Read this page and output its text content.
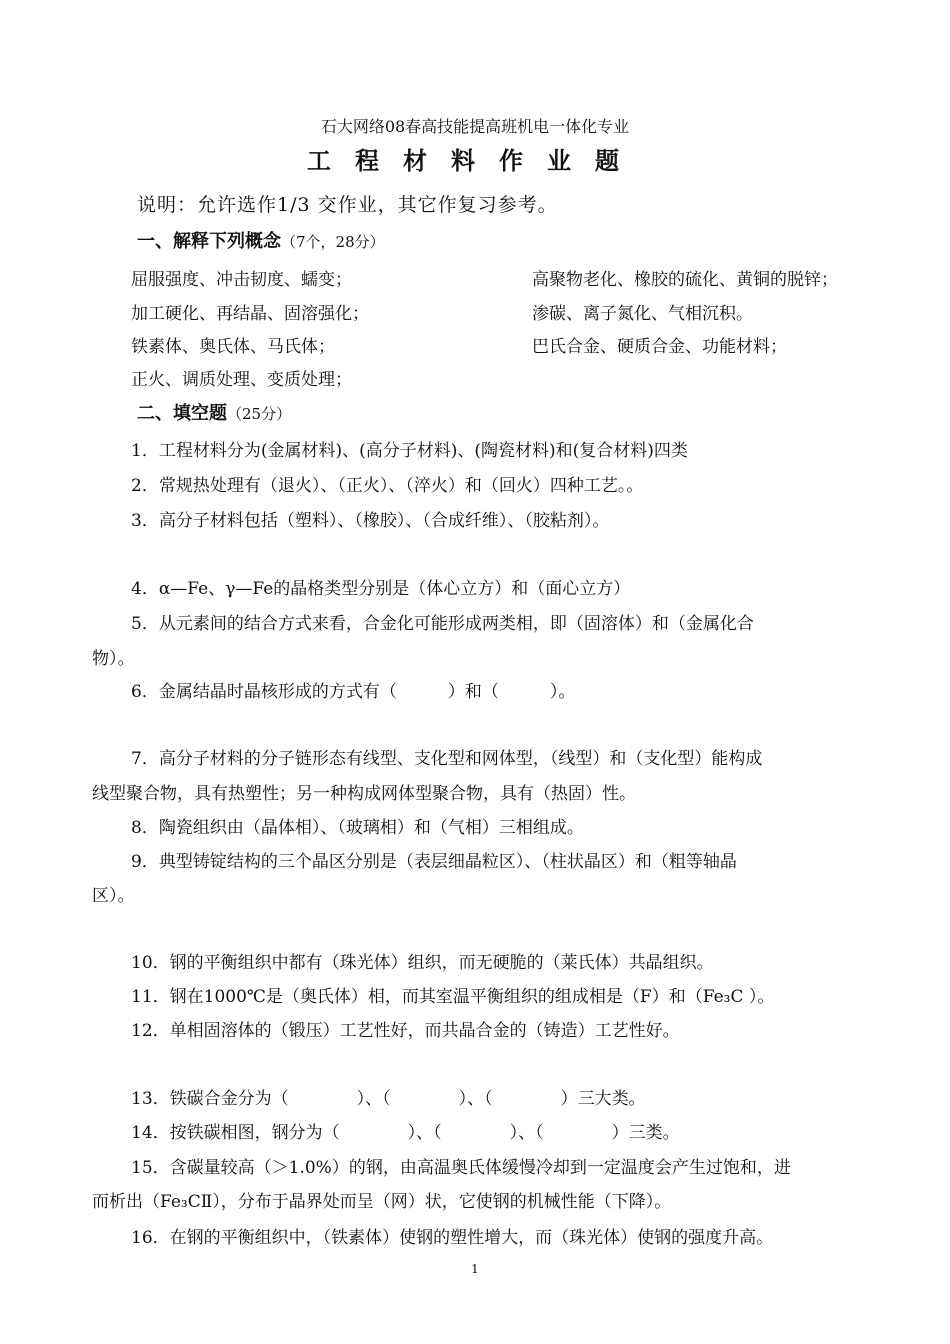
石大网络08春高技能提高班机电一体化专业
工程材料作业题
说明：允许选作1/3 交作业，其它作复习参考。
一、解释下列概念（7个，28分）
屈服强度、冲击韧度、蠕变；
加工硬化、再结晶、固溶强化；
铁素体、奥氏体、马氏体；
正火、调质处理、变质处理；
高聚物老化、橡胶的硫化、黄铜的脱锌；
渗碳、离子氮化、气相沉积。
巴氏合金、硬质合金、功能材料；
二、填空题（25分）
1．工程材料分为(金属材料)、(高分子材料)、(陶瓷材料)和(复合材料)四类
2．常规热处理有（退火）、（正火）、（淬火）和（回火）四种工艺。。
3．高分子材料包括（塑料）、（橡胶）、（合成纤维）、（胶粘剂）。
4．α—Fe、γ—Fe的晶格类型分别是（体心立方）和（面心立方）
5．从元素间的结合方式来看，合金化可能形成两类相，即（固溶体）和（金属化合
物）。
6．金属结晶时晶核形成的方式有（　　　）和（　　　）。
7．高分子材料的分子链形态有线型、支化型和网体型，（线型）和（支化型）能构成
线型聚合物，具有热塑性；另一种构成网体型聚合物，具有（热固）性。
8．陶瓷组织由（晶体相）、（玻璃相）和（气相）三相组成。
9．典型铸锭结构的三个晶区分别是（表层细晶粒区）、（柱状晶区）和（粗等轴晶
区）。
10．钢的平衡组织中都有（珠光体）组织，而无硬脆的（莱氏体）共晶组织。
11．钢在1000℃是（奥氏体）相，而其室温平衡组织的组成相是（F）和（Fe₃C ）。
12．单相固溶体的（锻压）工艺性好，而共晶合金的（铸造）工艺性好。
13．铁碳合金分为（　　　　）、（　　　　）、（　　　　）三大类。
14．按铁碳相图，钢分为（　　　　）、（　　　　）、（　　　　）三类。
15．含碳量较高（＞1.0%）的钢，由高温奥氏体缓慢冷却到一定温度会产生过饱和，进
而析出（Fe₃CⅡ），分布于晶界处而呈（网）状，它使钢的机械性能（下降）。
16．在钢的平衡组织中，（铁素体）使钢的塑性增大，而（珠光体）使钢的强度升高。
1
